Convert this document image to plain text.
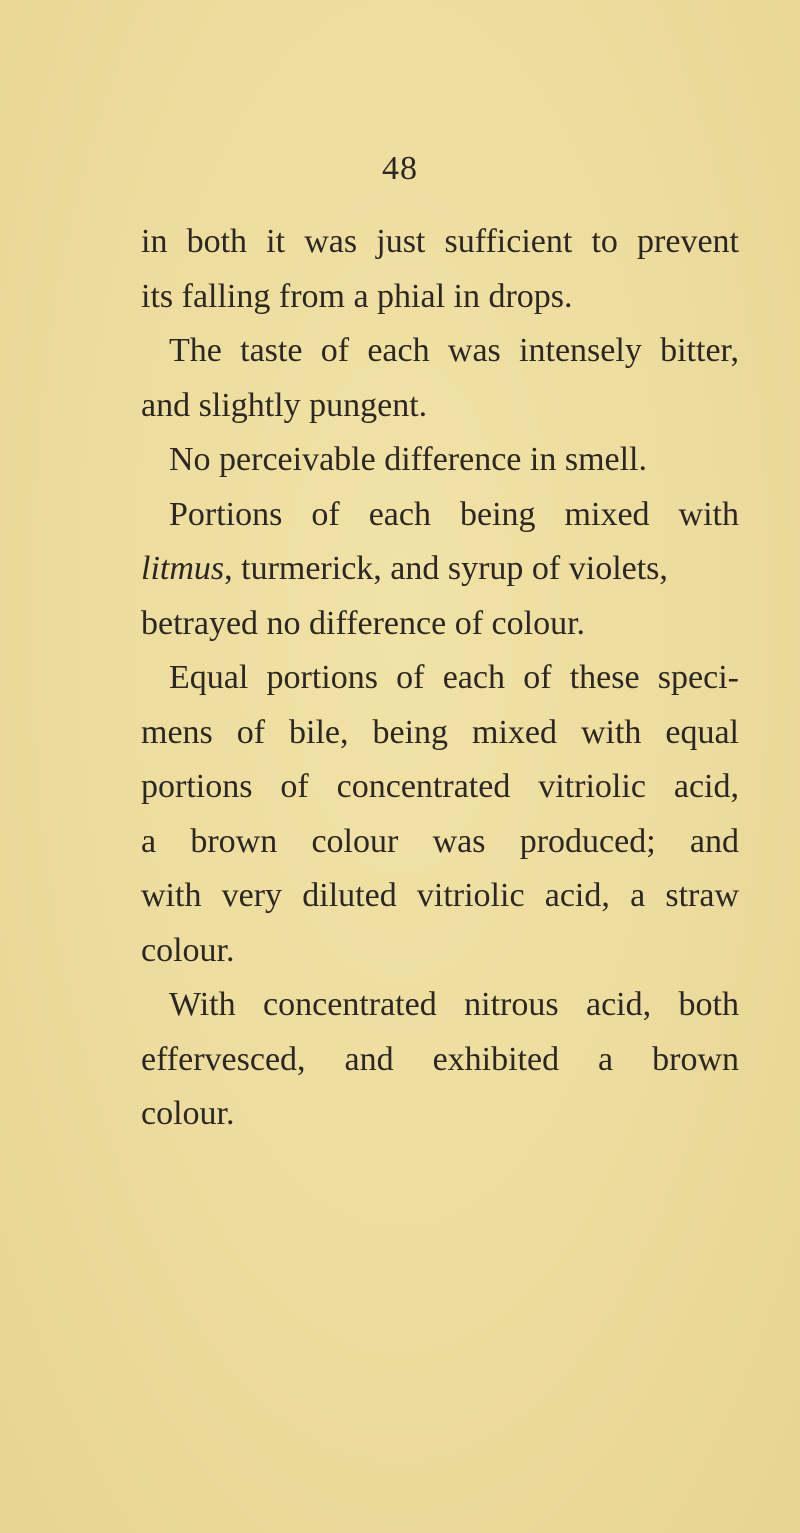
48
in both it was just sufficient to prevent
its falling from a phial in drops.
The taste of each was intensely bitter,
and slightly pungent.
No perceivable difference in smell.
Portions of each being mixed with
litmus, turmerick, and syrup of violets,
betrayed no difference of colour.
Equal portions of each of these speci-
mens of bile, being mixed with equal
portions of concentrated vitriolic acid,
a brown colour was produced; and
with very diluted vitriolic acid, a straw
colour.
With concentrated nitrous acid, both
effervesced, and exhibited a brown
colour.
